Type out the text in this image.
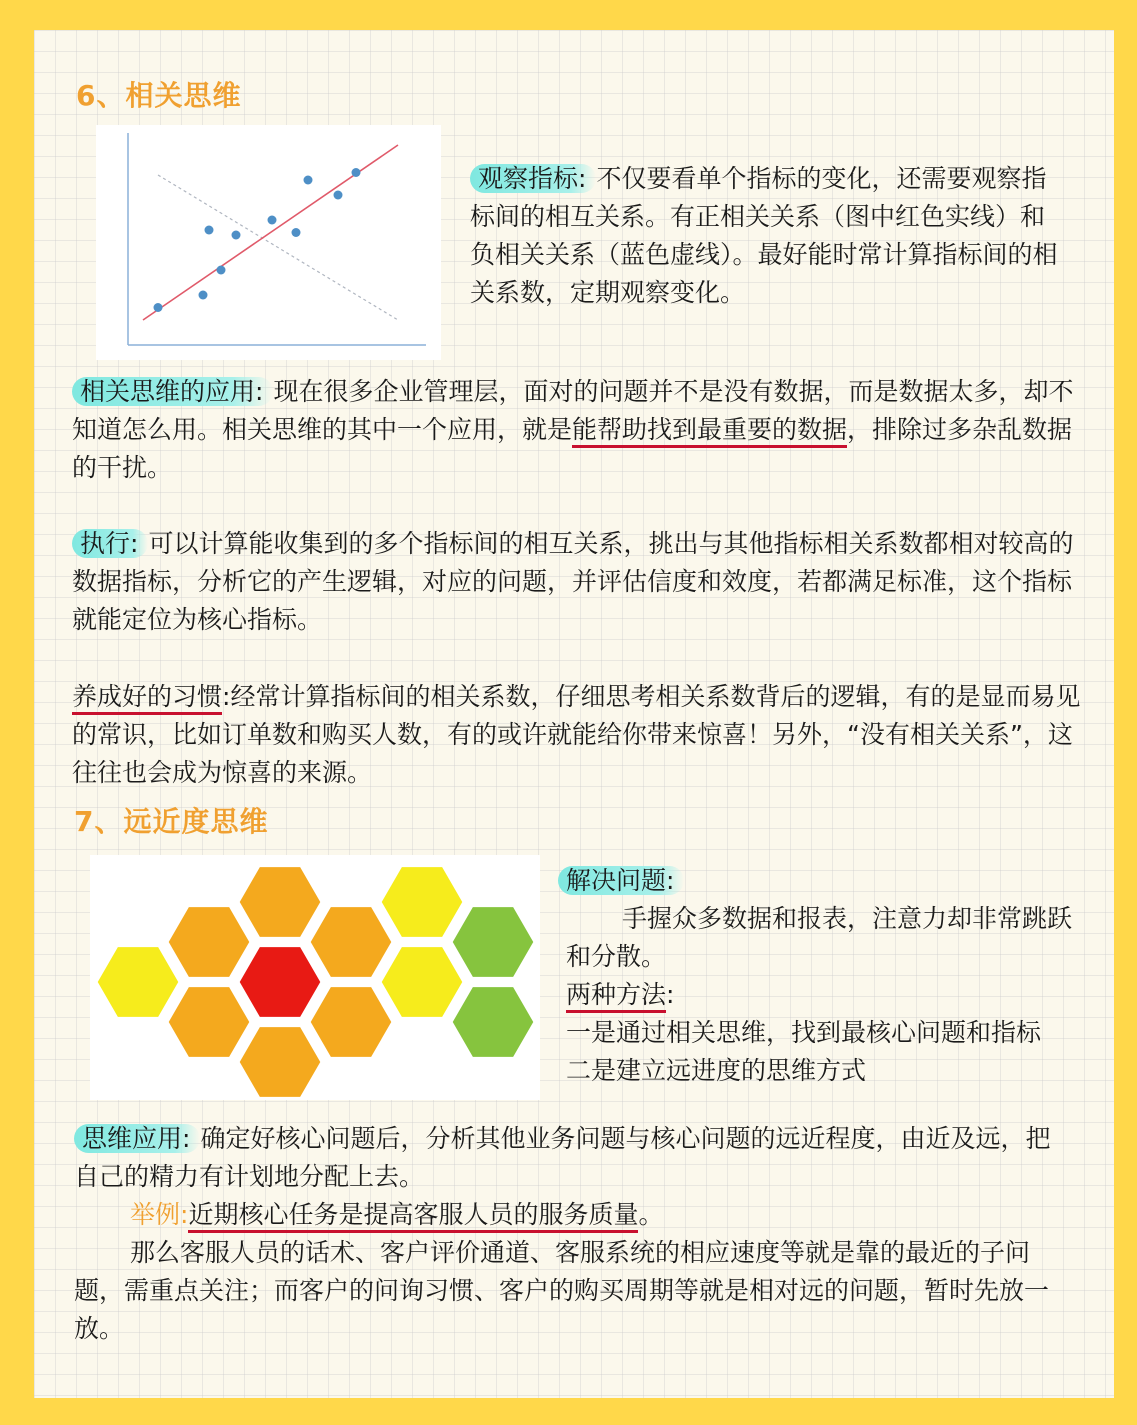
6、相关思维
观察指标: 不仅要看单个指标的变化，还需要观察指标间的相互关系。有正相关关系（图中红色实线）和负相关关系（蓝色虚线）。最好能时常计算指标间的相关系数，定期观察变化。
相关思维的应用: 现在很多企业管理层，面对的问题并不是没有数据，而是数据太多，却不知道怎么用。相关思维的其中一个应用，就是能帮助找到最重要的数据，排除过多杂乱数据的干扰。
执行: 可以计算能收集到的多个指标间的相互关系，挑出与其他指标相关系数都相对较高的数据指标，分析它的产生逻辑，对应的问题，并评估信度和效度，若都满足标准，这个指标就能定位为核心指标。
养成好的习惯:经常计算指标间的相关系数，仔细思考相关系数背后的逻辑，有的是显而易见的常识，比如订单数和购买人数，有的或许就能给你带来惊喜！另外，“没有相关关系”，这往往也会成为惊喜的来源。
7、远近度思维
解决问题:
手握众多数据和报表，注意力却非常跳跃和分散。
两种方法:
一是通过相关思维，找到最核心问题和指标
二是建立远进度的思维方式
思维应用: 确定好核心问题后，分析其他业务问题与核心问题的远近程度，由近及远，把自己的精力有计划地分配上去。
举例:近期核心任务是提高客服人员的服务质量。
那么客服人员的话术、客户评价通道、客服系统的相应速度等就是靠的最近的子问题，需重点关注；而客户的问询习惯、客户的购买周期等就是相对远的问题，暂时先放一放。
